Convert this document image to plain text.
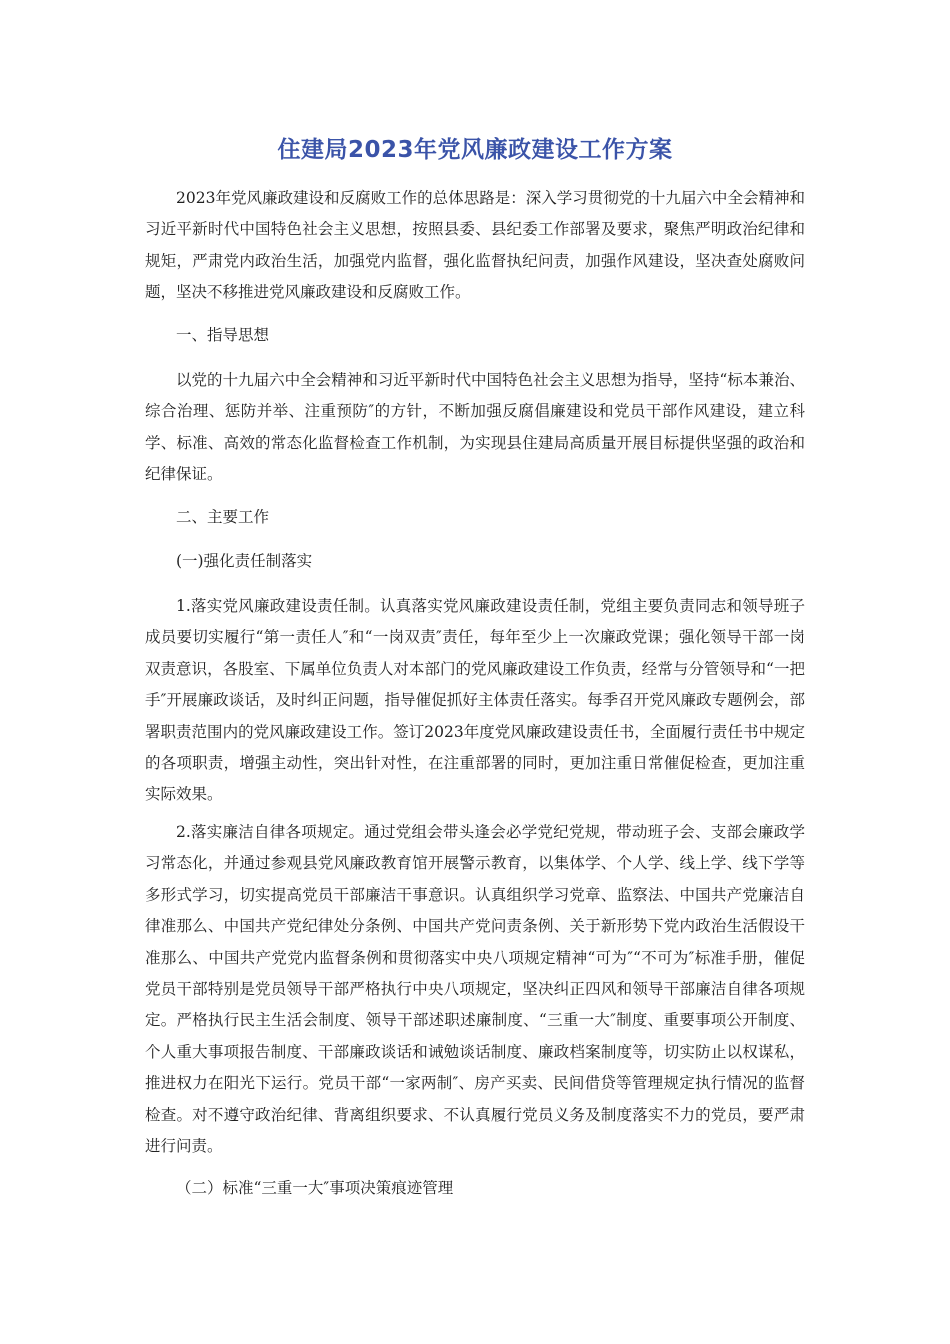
住建局2023年党风廉政建设工作方案

2023年党风廉政建设和反腐败工作的总体思路是：深入学习贯彻党的十九届六中全会精神和习近平新时代中国特色社会主义思想，按照县委、县纪委工作部署及要求，聚焦严明政治纪律和规矩，严肃党内政治生活，加强党内监督，强化监督执纪问责，加强作风建设，坚决查处腐败问题，坚决不移推进党风廉政建设和反腐败工作。

一、指导思想

以党的十九届六中全会精神和习近平新时代中国特色社会主义思想为指导，坚持“标本兼治、综合治理、惩防并举、注重预防″的方针，不断加强反腐倡廉建设和党员干部作风建设，建立科学、标准、高效的常态化监督检查工作机制，为实现县住建局高质量开展目标提供坚强的政治和纪律保证。

二、主要工作

(一)强化责任制落实

1.落实党风廉政建设责任制。认真落实党风廉政建设责任制，党组主要负责同志和领导班子成员要切实履行“第一责任人″和“一岗双责″责任，每年至少上一次廉政党课；强化领导干部一岗双责意识，各股室、下属单位负责人对本部门的党风廉政建设工作负责，经常与分管领导和“一把手″开展廉政谈话，及时纠正问题，指导催促抓好主体责任落实。每季召开党风廉政专题例会，部署职责范围内的党风廉政建设工作。签订2023年度党风廉政建设责任书，全面履行责任书中规定的各项职责，增强主动性，突出针对性，在注重部署的同时，更加注重日常催促检查，更加注重实际效果。

2.落实廉洁自律各项规定。通过党组会带头逢会必学党纪党规，带动班子会、支部会廉政学习常态化，并通过参观县党风廉政教育馆开展警示教育，以集体学、个人学、线上学、线下学等多形式学习，切实提高党员干部廉洁干事意识。认真组织学习党章、监察法、中国共产党廉洁自律准那么、中国共产党纪律处分条例、中国共产党问责条例、关于新形势下党内政治生活假设干准那么、中国共产党党内监督条例和贯彻落实中央八项规定精神“可为″“不可为″标准手册，催促党员干部特别是党员领导干部严格执行中央八项规定，坚决纠正四风和领导干部廉洁自律各项规定。严格执行民主生活会制度、领导干部述职述廉制度、“三重一大″制度、重要事项公开制度、个人重大事项报告制度、干部廉政谈话和诫勉谈话制度、廉政档案制度等，切实防止以权谋私，推进权力在阳光下运行。党员干部“一家两制″、房产买卖、民间借贷等管理规定执行情况的监督检查。对不遵守政治纪律、背离组织要求、不认真履行党员义务及制度落实不力的党员，要严肃进行问责。

（二）标准“三重一大″事项决策痕迹管理
